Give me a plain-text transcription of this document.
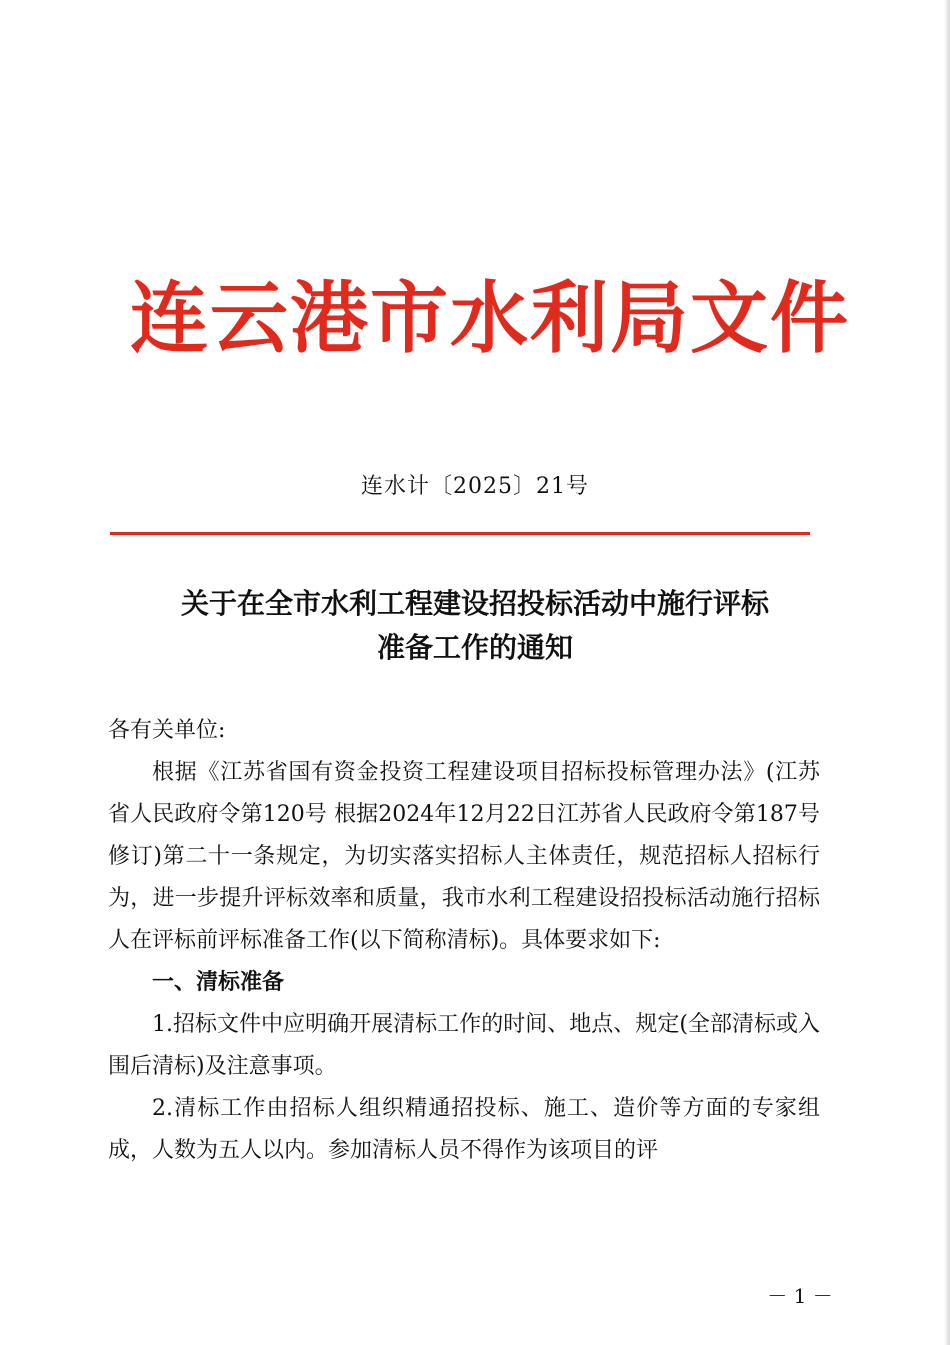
连云港市水利局文件
连水计〔2025〕21号
关于在全市水利工程建设招投标活动中施行评标
准备工作的通知

各有关单位:

根据《江苏省国有资金投资工程建设项目招标投标管理办法》(江苏省人民政府令第120号 根据2024年12月22日江苏省人民政府令第187号修订)第二十一条规定，为切实落实招标人主体责任，规范招标人招标行为，进一步提升评标效率和质量，我市水利工程建设招投标活动施行招标人在评标前评标准备工作(以下简称清标)。具体要求如下:

一、清标准备

1.招标文件中应明确开展清标工作的时间、地点、规定(全部清标或入围后清标)及注意事项。

2.清标工作由招标人组织精通招投标、施工、造价等方面的专家组成，人数为五人以内。参加清标人员不得作为该项目的评

－ 1 －
